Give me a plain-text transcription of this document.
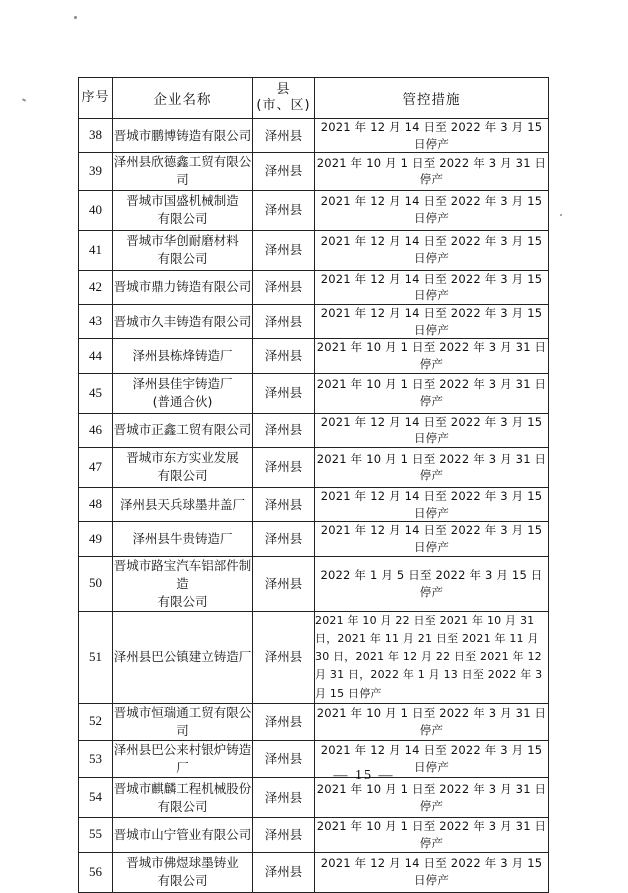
序号	企业名称	县
(市、区)	管控措施
38	晋城市鹏博铸造有限公司	泽州县	2021 年 12 月 14 日至 2022 年 3 月 15 日停产
39	泽州县欣德鑫工贸有限公司	泽州县	2021 年 10 月 1 日至 2022 年 3 月 31 日停产
40	晋城市国盛机械制造
有限公司	泽州县	2021 年 12 月 14 日至 2022 年 3 月 15 日停产
41	晋城市华创耐磨材料
有限公司	泽州县	2021 年 12 月 14 日至 2022 年 3 月 15 日停产
42	晋城市鼎力铸造有限公司	泽州县	2021 年 12 月 14 日至 2022 年 3 月 15 日停产
43	晋城市久丰铸造有限公司	泽州县	2021 年 12 月 14 日至 2022 年 3 月 15 日停产
44	泽州县栋烽铸造厂	泽州县	2021 年 10 月 1 日至 2022 年 3 月 31 日停产
45	泽州县佳宇铸造厂
(普通合伙)	泽州县	2021 年 10 月 1 日至 2022 年 3 月 31 日停产
46	晋城市正鑫工贸有限公司	泽州县	2021 年 12 月 14 日至 2022 年 3 月 15 日停产
47	晋城市东方实业发展
有限公司	泽州县	2021 年 10 月 1 日至 2022 年 3 月 31 日停产
48	泽州县天兵球墨井盖厂	泽州县	2021 年 12 月 14 日至 2022 年 3 月 15 日停产
49	泽州县牛贵铸造厂	泽州县	2021 年 12 月 14 日至 2022 年 3 月 15 日停产
50	晋城市路宝汽车铝部件制造
有限公司	泽州县	2022 年 1 月 5 日至 2022 年 3 月 15 日停产
51	泽州县巴公镇建立铸造厂	泽州县	2021 年 10 月 22 日至 2021 年 10 月 31 日，2021 年 11 月 21 日至 2021 年 11 月 30 日，2021 年 12 月 22 日至 2021 年 12 月 31 日，2022 年 1 月 13 日至 2022 年 3 月 15 日停产
52	晋城市恒瑞通工贸有限公司	泽州县	2021 年 10 月 1 日至 2022 年 3 月 31 日停产
53	泽州县巴公来村银炉铸造厂	泽州县	2021 年 12 月 14 日至 2022 年 3 月 15 日停产
54	晋城市麒麟工程机械股份
有限公司	泽州县	2021 年 10 月 1 日至 2022 年 3 月 31 日停产
55	晋城市山宁管业有限公司	泽州县	2021 年 10 月 1 日至 2022 年 3 月 31 日停产
56	晋城市佛煜球墨铸业
有限公司	泽州县	2021 年 12 月 14 日至 2022 年 3 月 15 日停产
— 15 —
